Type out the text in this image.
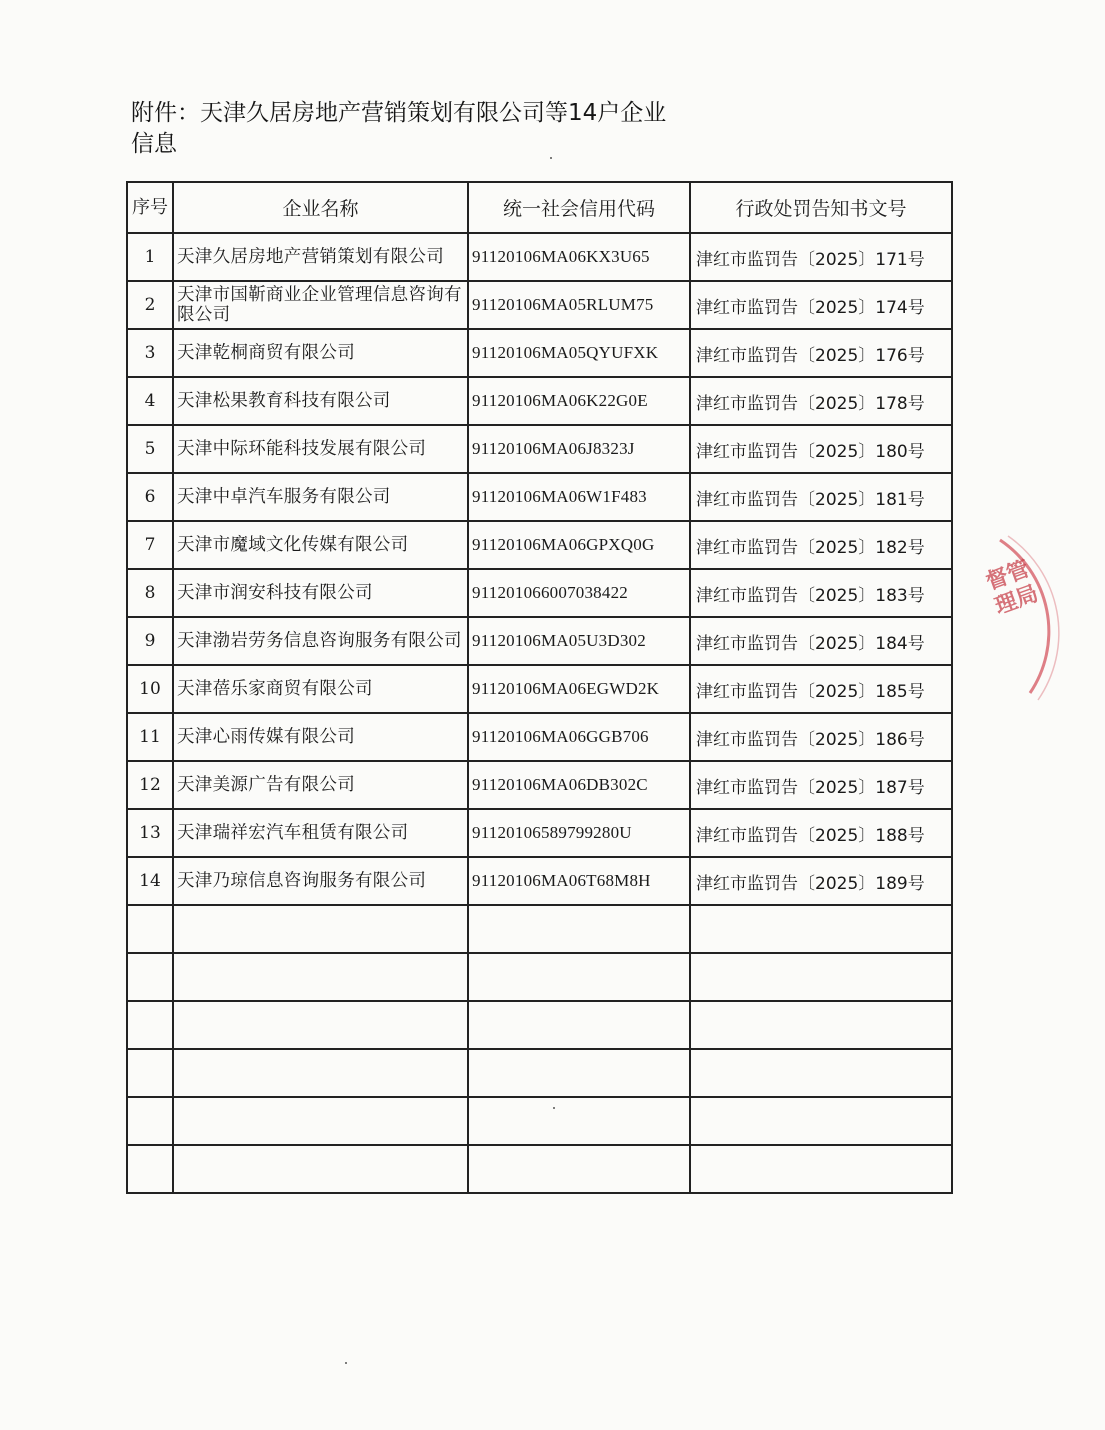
附件：天津久居房地产营销策划有限公司等14户企业
信息
序号	企业名称	统一社会信用代码	行政处罚告知书文号
1	天津久居房地产营销策划有限公司	91120106MA06KX3U65	津红市监罚告〔2025〕171号
2	天津市国靳商业企业管理信息咨询有限公司	91120106MA05RLUM75	津红市监罚告〔2025〕174号
3	天津乾桐商贸有限公司	91120106MA05QYUFXK	津红市监罚告〔2025〕176号
4	天津松果教育科技有限公司	91120106MA06K22G0E	津红市监罚告〔2025〕178号
5	天津中际环能科技发展有限公司	91120106MA06J8323J	津红市监罚告〔2025〕180号
6	天津中卓汽车服务有限公司	91120106MA06W1F483	津红市监罚告〔2025〕181号
7	天津市魔域文化传媒有限公司	91120106MA06GPXQ0G	津红市监罚告〔2025〕182号
8	天津市润安科技有限公司	911201066007038422	津红市监罚告〔2025〕183号
9	天津渤岩劳务信息咨询服务有限公司	91120106MA05U3D302	津红市监罚告〔2025〕184号
10	天津蓓乐家商贸有限公司	91120106MA06EGWD2K	津红市监罚告〔2025〕185号
11	天津心雨传媒有限公司	91120106MA06GGB706	津红市监罚告〔2025〕186号
12	天津美源广告有限公司	91120106MA06DB302C	津红市监罚告〔2025〕187号
13	天津瑞祥宏汽车租赁有限公司	91120106589799280U	津红市监罚告〔2025〕188号
14	天津乃琼信息咨询服务有限公司	91120106MA06T68M8H	津红市监罚告〔2025〕189号

督管理局
